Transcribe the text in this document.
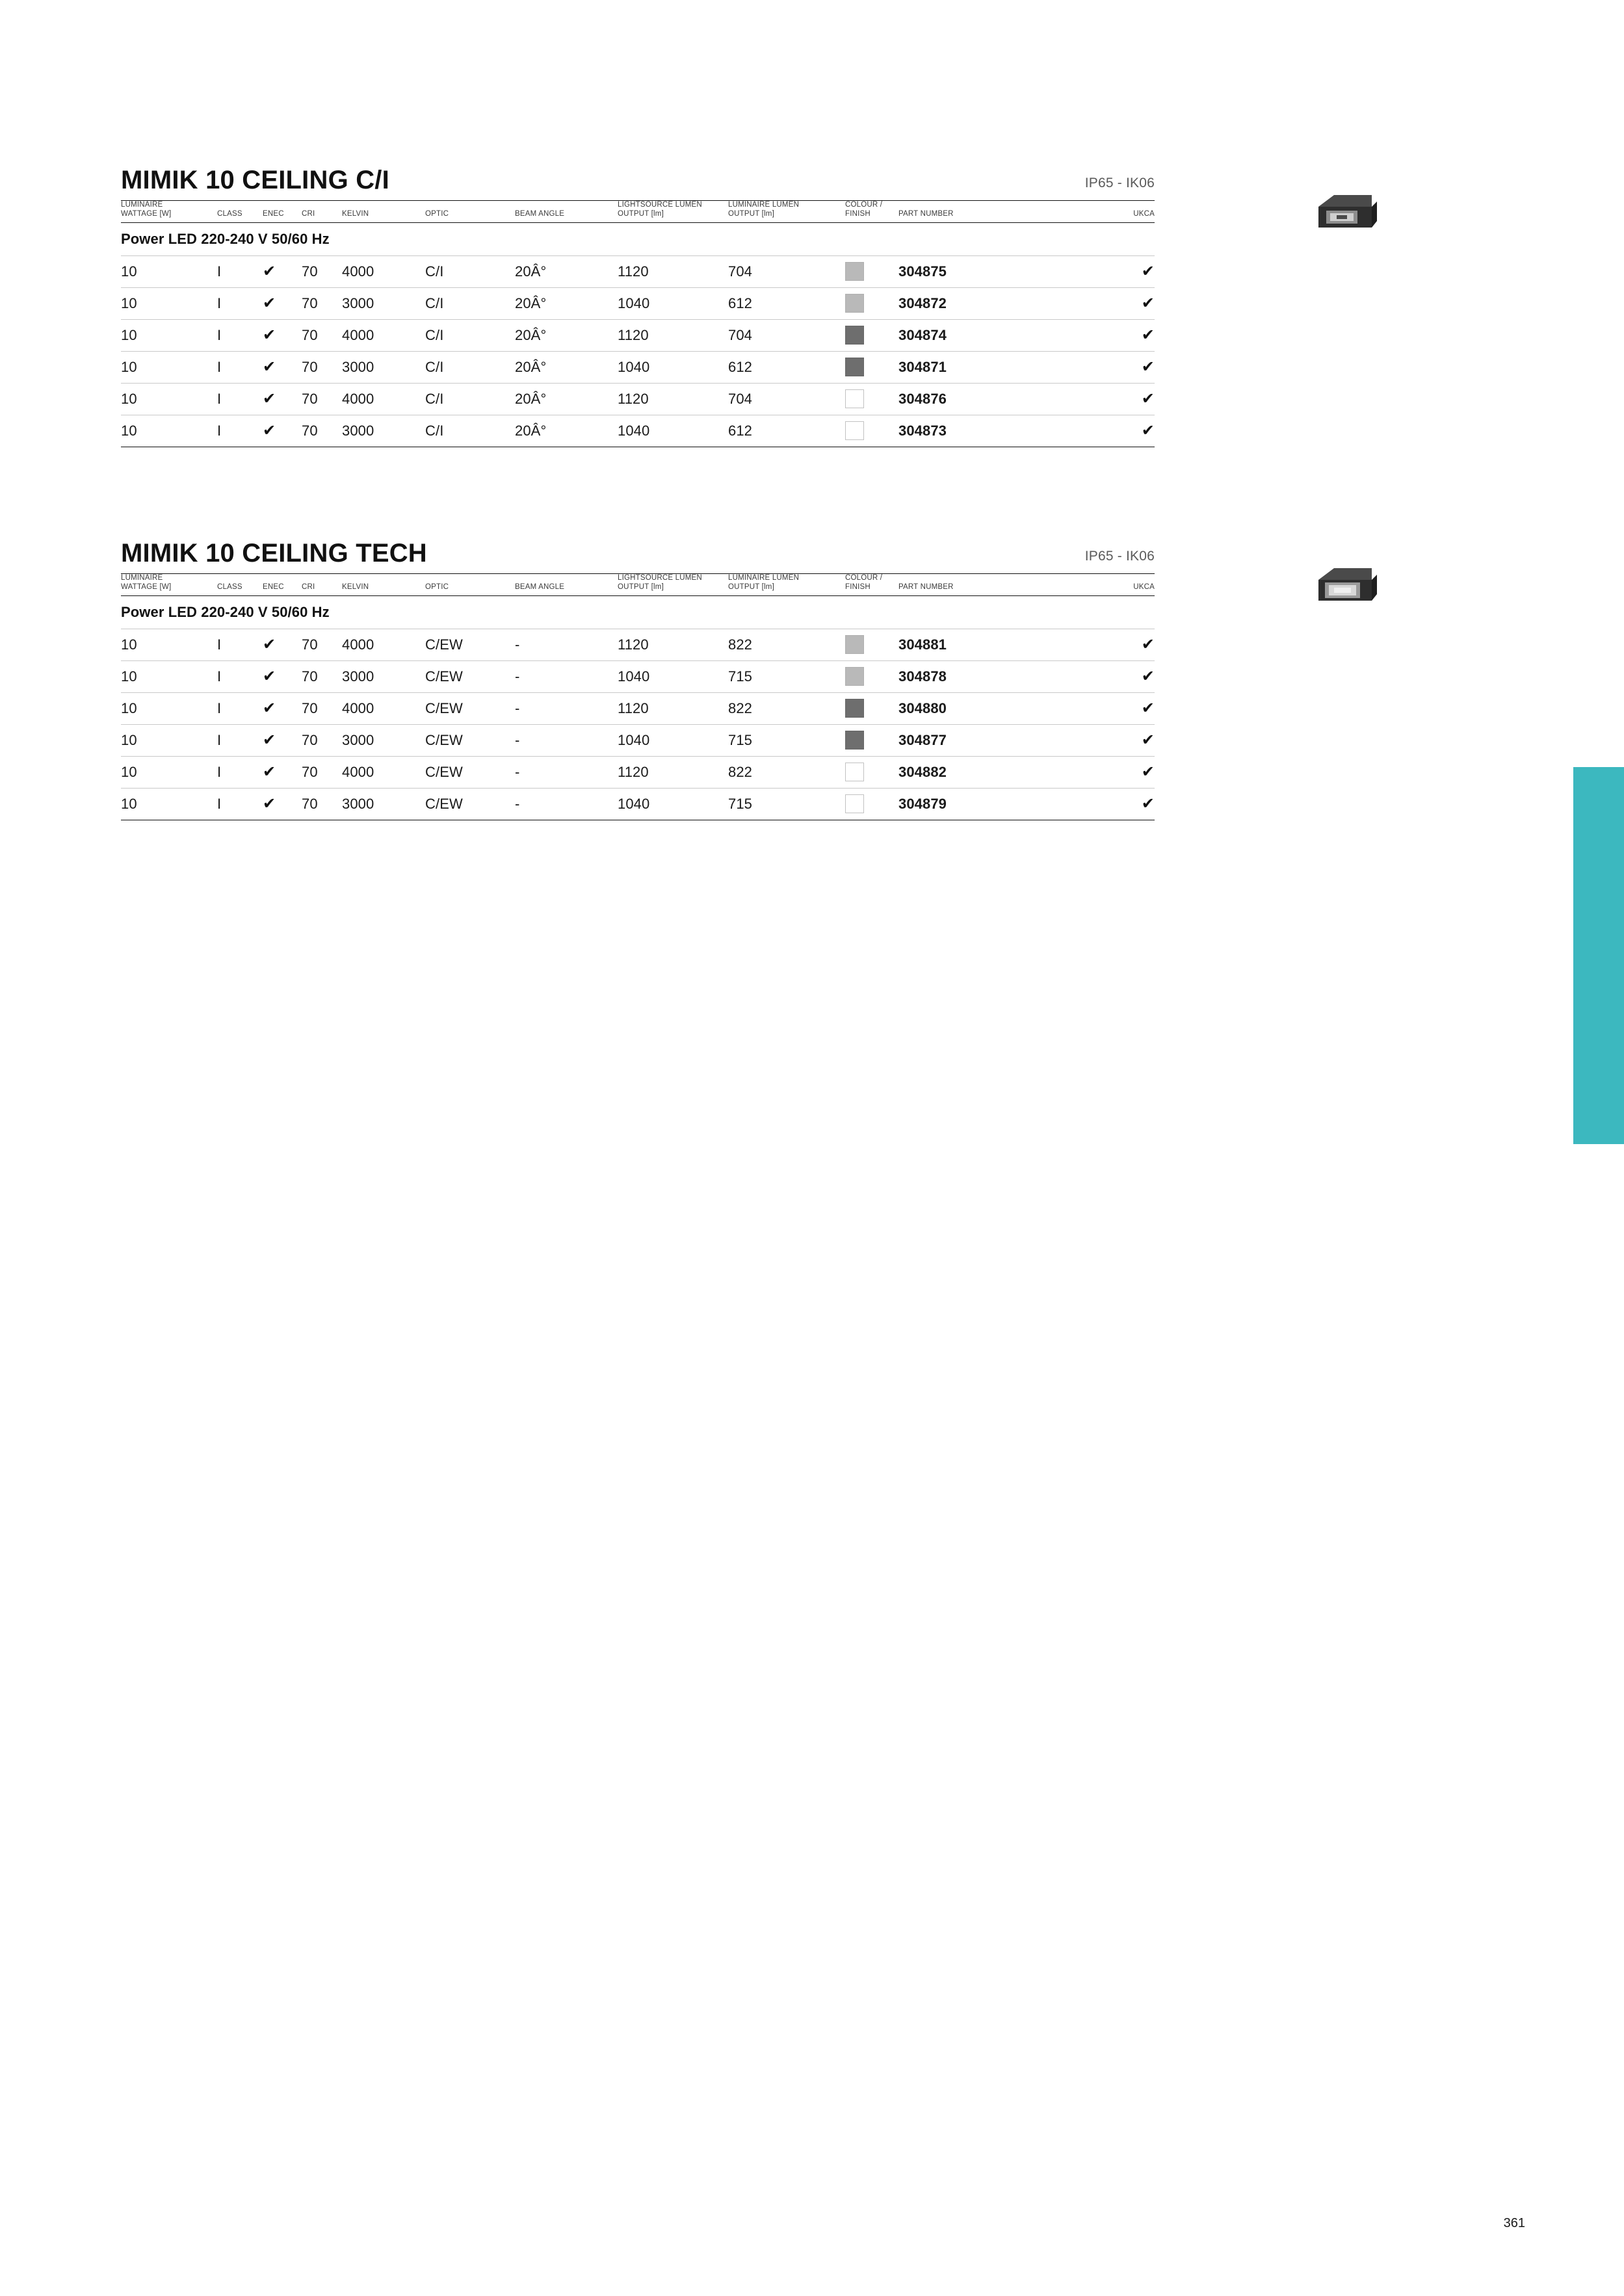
MIMIK 10 CEILING C/I	IP65 - IK06
LUMINAIRE
WATTAGE [W]	CLASS	ENEC	CRI	KELVIN	OPTIC	BEAM ANGLE	LIGHTSOURCE LUMEN
OUTPUT [lm]	LUMINAIRE LUMEN
OUTPUT [lm]	COLOUR /
FINISH	PART NUMBER	UKCA
Power LED 220-240 V 50/60 Hz											
10	I	✔	70	4000	C/I	20Â°	1120	704		304875	✔
10	I	✔	70	3000	C/I	20Â°	1040	612		304872	✔
10	I	✔	70	4000	C/I	20Â°	1120	704		304874	✔
10	I	✔	70	3000	C/I	20Â°	1040	612		304871	✔
10	I	✔	70	4000	C/I	20Â°	1120	704		304876	✔
10	I	✔	70	3000	C/I	20Â°	1040	612		304873	✔
MIMIK 10 CEILING TECH	IP65 - IK06
LUMINAIRE
WATTAGE [W]	CLASS	ENEC	CRI	KELVIN	OPTIC	BEAM ANGLE	LIGHTSOURCE LUMEN
OUTPUT [lm]	LUMINAIRE LUMEN
OUTPUT [lm]	COLOUR /
FINISH	PART NUMBER	UKCA
Power LED 220-240 V 50/60 Hz											
10	I	✔	70	4000	C/EW	-	1120	822		304881	✔
10	I	✔	70	3000	C/EW	-	1040	715		304878	✔
10	I	✔	70	4000	C/EW	-	1120	822		304880	✔
10	I	✔	70	3000	C/EW	-	1040	715		304877	✔
10	I	✔	70	4000	C/EW	-	1120	822		304882	✔
10	I	✔	70	3000	C/EW	-	1040	715		304879	✔
361
